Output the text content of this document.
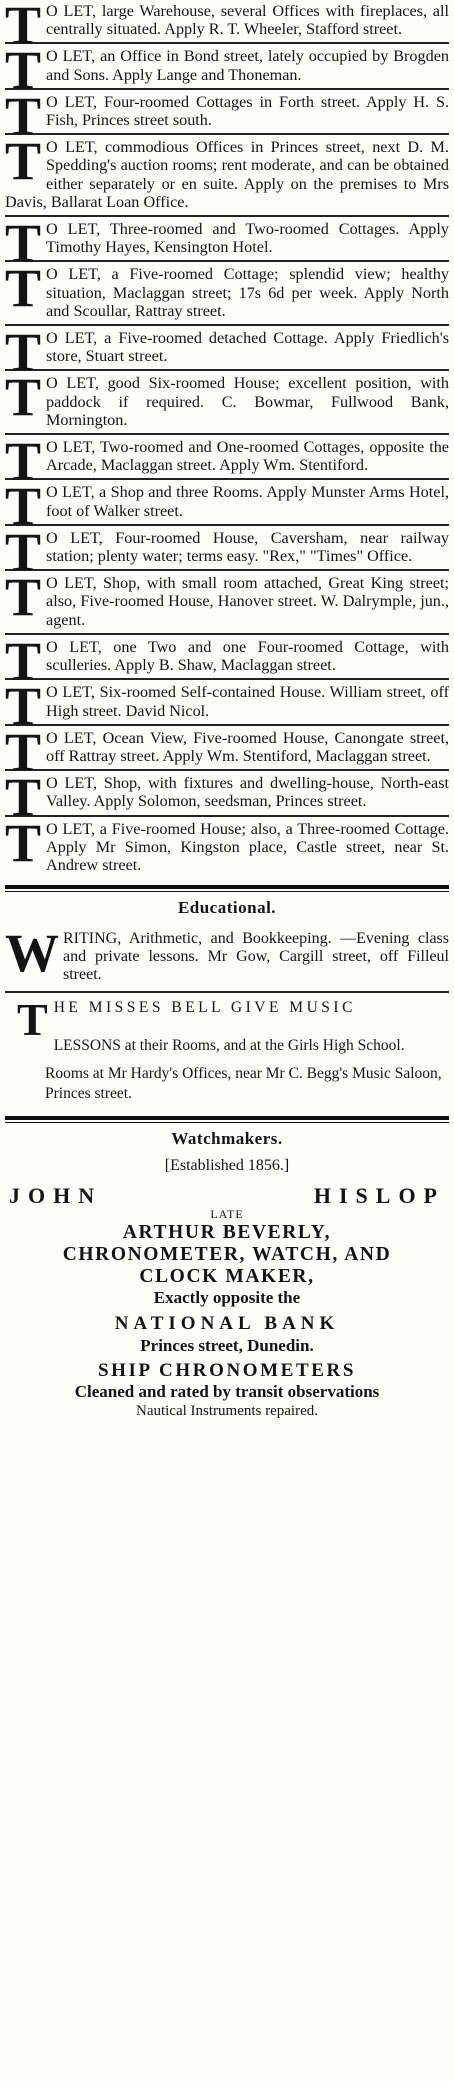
T O LET, large Warehouse, several Offices with fireplaces, all centrally situated. Apply R. T. Wheeler, Stafford street.
T O LET, an Office in Bond street, lately occupied by Brogden and Sons. Apply Lange and Thoneman.
T O LET, Four-roomed Cottages in Forth street. Apply H. S. Fish, Princes street south.
T O LET, commodious Offices in Princes street, next D. M. Spedding's auction rooms; rent moderate, and can be obtained either separately or en suite. Apply on the premises to Mrs Davis, Ballarat Loan Office.
T O LET, Three-roomed and Two-roomed Cottages. Apply Timothy Hayes, Kensington Hotel.
T O LET, a Five-roomed Cottage; splendid view; healthy situation, Maclaggan street; 17s 6d per week. Apply North and Scoullar, Rattray street.
T O LET, a Five-roomed detached Cottage. Apply Friedlich's store, Stuart street.
T O LET, good Six-roomed House; excellent position, with paddock if required. C. Bowmar, Fullwood Bank, Mornington.
T O LET, Two-roomed and One-roomed Cottages, opposite the Arcade, Maclaggan street. Apply Wm. Stentiford.
T O LET, a Shop and three Rooms. Apply Munster Arms Hotel, foot of Walker street.
T O LET, Four-roomed House, Caversham, near railway station; plenty water; terms easy. "Rex," "Times" Office.
T O LET, Shop, with small room attached, Great King street; also, Five-roomed House, Hanover street. W. Dalrymple, jun., agent.
T O LET, one Two and one Four-roomed Cottage, with sculleries. Apply B. Shaw, Maclaggan street.
T O LET, Six-roomed Self-contained House. William street, off High street. David Nicol.
T O LET, Ocean View, Five-roomed House, Canongate street, off Rattray street. Apply Wm. Stentiford, Maclaggan street.
T O LET, Shop, with fixtures and dwelling-house, North-east Valley. Apply Solomon, seedsman, Princes street.
T O LET, a Five-roomed House; also, a Three-roomed Cottage. Apply Mr Simon, Kingston place, Castle street, near St. Andrew street.
Educational.
W RITING, Arithmetic, and Bookkeeping. —Evening class and private lessons. Mr Gow, Cargill street, off Filleul street.
T HE MISSES BELL GIVE MUSIC

LESSONS at their Rooms, and at the Girls High School.

Rooms at Mr Hardy's Offices, near Mr C. Begg's Music Saloon, Princes street.

Watchmakers.
[Established 1856.]
JOHN	HISLOP
LATE
ARTHUR BEVERLY,
CHRONOMETER, WATCH, AND
CLOCK MAKER,
Exactly opposite the
NATIONAL BANK
Princes street, Dunedin.
SHIP CHRONOMETERS
Cleaned and rated by transit observations
Nautical Instruments repaired.
